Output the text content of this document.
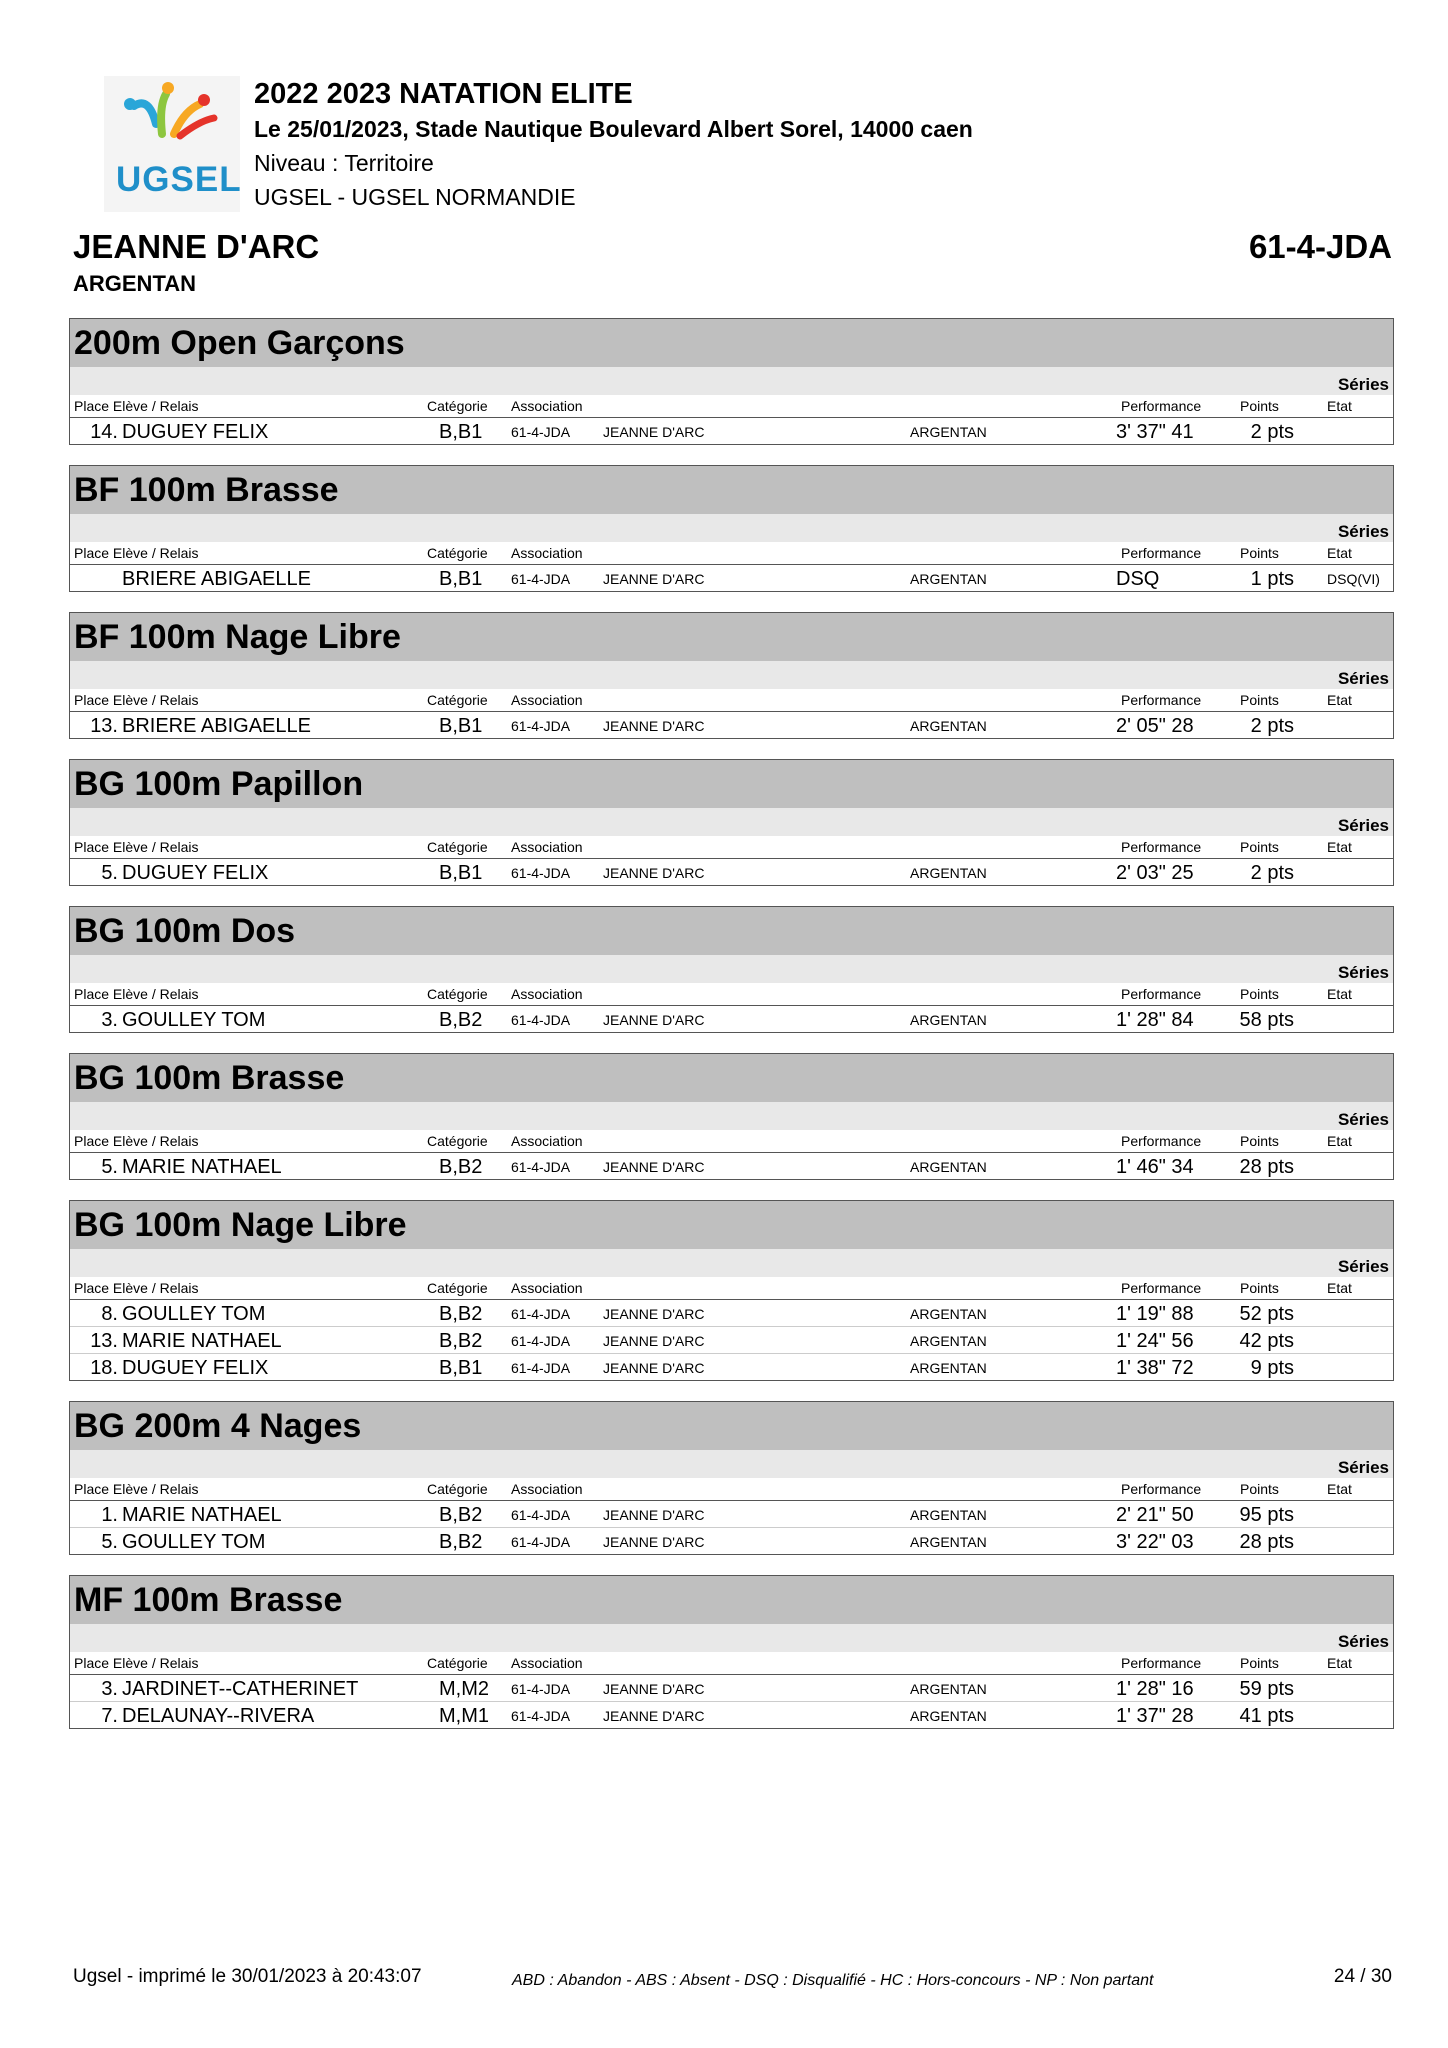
UGSEL
2022 2023 NATATION ELITE
Le 25/01/2023, Stade Nautique Boulevard Albert Sorel, 14000 caen
Niveau : Territoire
UGSEL - UGSEL NORMANDIE
JEANNE D'ARC
ARGENTAN
61-4-JDA
200m Open Garçons
Séries
Place Elève / Relais	Catégorie Association	Performance	Points	Etat
14. DUGUEY FELIX	B,B1 61-4-JDA JEANNE D'ARC	ARGENTAN	3' 37" 41	2 pts
BF 100m Brasse
Séries
Place Elève / Relais	Catégorie Association	Performance	Points	Etat
BRIERE ABIGAELLE	B,B1 61-4-JDA JEANNE D'ARC	ARGENTAN	DSQ	1 pts DSQ(VI)
BF 100m Nage Libre
Séries
Place Elève / Relais	Catégorie Association	Performance	Points	Etat
13. BRIERE ABIGAELLE	B,B1 61-4-JDA JEANNE D'ARC	ARGENTAN	2' 05" 28	2 pts
BG 100m Papillon
Séries
Place Elève / Relais	Catégorie Association	Performance	Points	Etat
5. DUGUEY FELIX	B,B1 61-4-JDA JEANNE D'ARC	ARGENTAN	2' 03" 25	2 pts
BG 100m Dos
Séries
Place Elève / Relais	Catégorie Association	Performance	Points	Etat
3. GOULLEY TOM	B,B2 61-4-JDA JEANNE D'ARC	ARGENTAN	1' 28" 84 58 pts
BG 100m Brasse
Séries
Place Elève / Relais	Catégorie Association	Performance	Points	Etat
5. MARIE NATHAEL	B,B2 61-4-JDA JEANNE D'ARC	ARGENTAN	1' 46" 34 28 pts
BG 100m Nage Libre
Séries
Place Elève / Relais	Catégorie Association	Performance	Points	Etat
8. GOULLEY TOM	B,B2 61-4-JDA JEANNE D'ARC	ARGENTAN	1' 19" 88 52 pts
13. MARIE NATHAEL	B,B2 61-4-JDA JEANNE D'ARC	ARGENTAN	1' 24" 56 42 pts
18. DUGUEY FELIX	B,B1 61-4-JDA JEANNE D'ARC	ARGENTAN	1' 38" 72	9 pts
BG 200m 4 Nages
Séries
Place Elève / Relais	Catégorie Association	Performance	Points	Etat
1. MARIE NATHAEL	B,B2 61-4-JDA JEANNE D'ARC	ARGENTAN	2' 21" 50 95 pts
5. GOULLEY TOM	B,B2 61-4-JDA JEANNE D'ARC	ARGENTAN	3' 22" 03 28 pts
MF 100m Brasse
Séries
Place Elève / Relais	Catégorie Association	Performance	Points	Etat
3. JARDINET--CATHERINET	M,M2 61-4-JDA JEANNE D'ARC	ARGENTAN	1' 28" 16 59 pts
7. DELAUNAY--RIVERA	M,M1 61-4-JDA JEANNE D'ARC	ARGENTAN	1' 37" 28 41 pts
Ugsel - imprimé le 30/01/2023 à 20:43:07	ABD : Abandon - ABS : Absent - DSQ : Disqualifié - HC : Hors-concours - NP : Non partant	24 / 30
